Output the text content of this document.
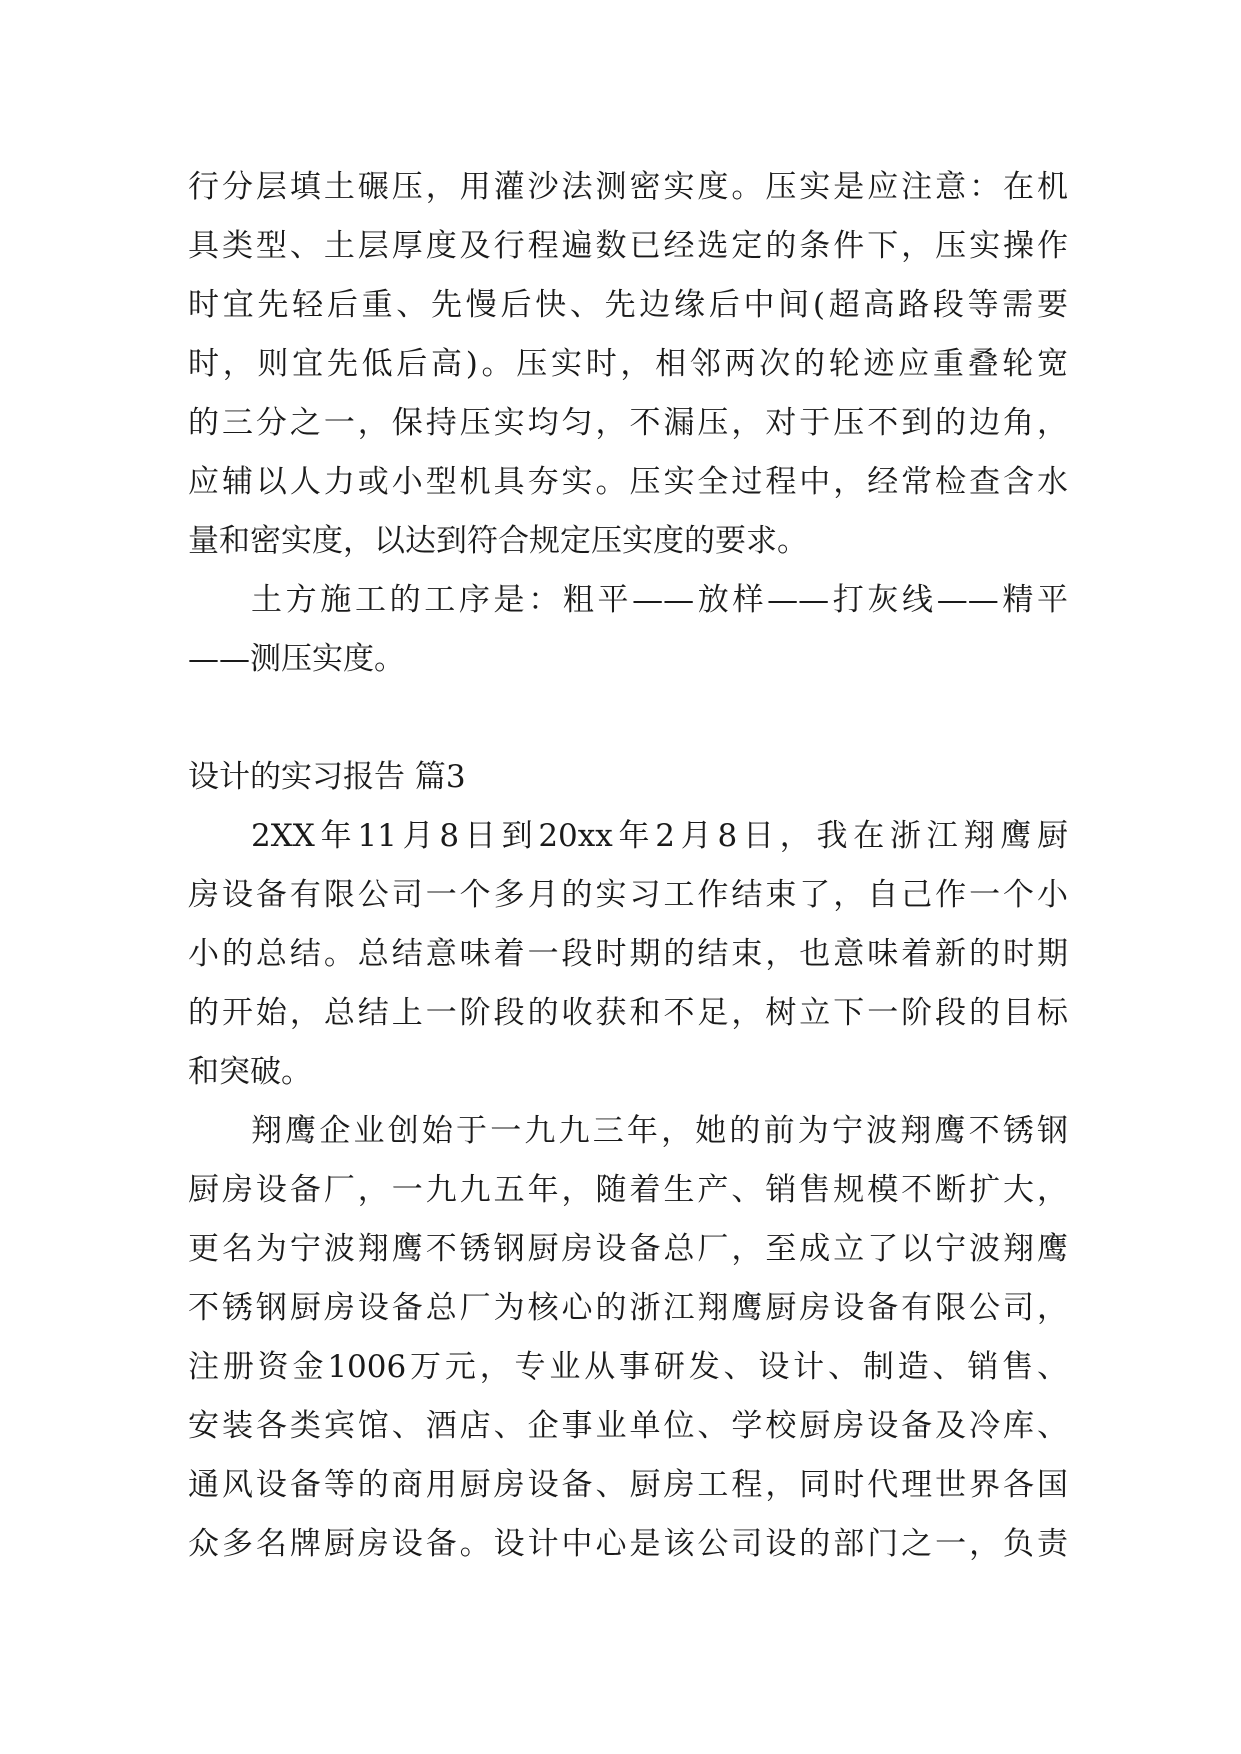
行分层填土碾压，用灌沙法测密实度。压实是应注意：在机
具类型、土层厚度及行程遍数已经选定的条件下，压实操作
时宜先轻后重、先慢后快、先边缘后中间(超高路段等需要
时，则宜先低后高)。压实时，相邻两次的轮迹应重叠轮宽
的三分之一，保持压实均匀，不漏压，对于压不到的边角，
应辅以人力或小型机具夯实。压实全过程中，经常检查含水
量和密实度，以达到符合规定压实度的要求。
土方施工的工序是：粗平——放样——打灰线——精平
——测压实度。
设计的实习报告 篇3
2XX年11月8日到20xx年2月8日，我在浙江翔鹰厨
房设备有限公司一个多月的实习工作结束了，自己作一个小
小的总结。总结意味着一段时期的结束，也意味着新的时期
的开始，总结上一阶段的收获和不足，树立下一阶段的目标
和突破。
翔鹰企业创始于一九九三年，她的前为宁波翔鹰不锈钢
厨房设备厂，一九九五年，随着生产、销售规模不断扩大，
更名为宁波翔鹰不锈钢厨房设备总厂，至成立了以宁波翔鹰
不锈钢厨房设备总厂为核心的浙江翔鹰厨房设备有限公司，
注册资金1006万元，专业从事研发、设计、制造、销售、
安装各类宾馆、酒店、企事业单位、学校厨房设备及冷库、
通风设备等的商用厨房设备、厨房工程，同时代理世界各国
众多名牌厨房设备。设计中心是该公司设的部门之一，负责
